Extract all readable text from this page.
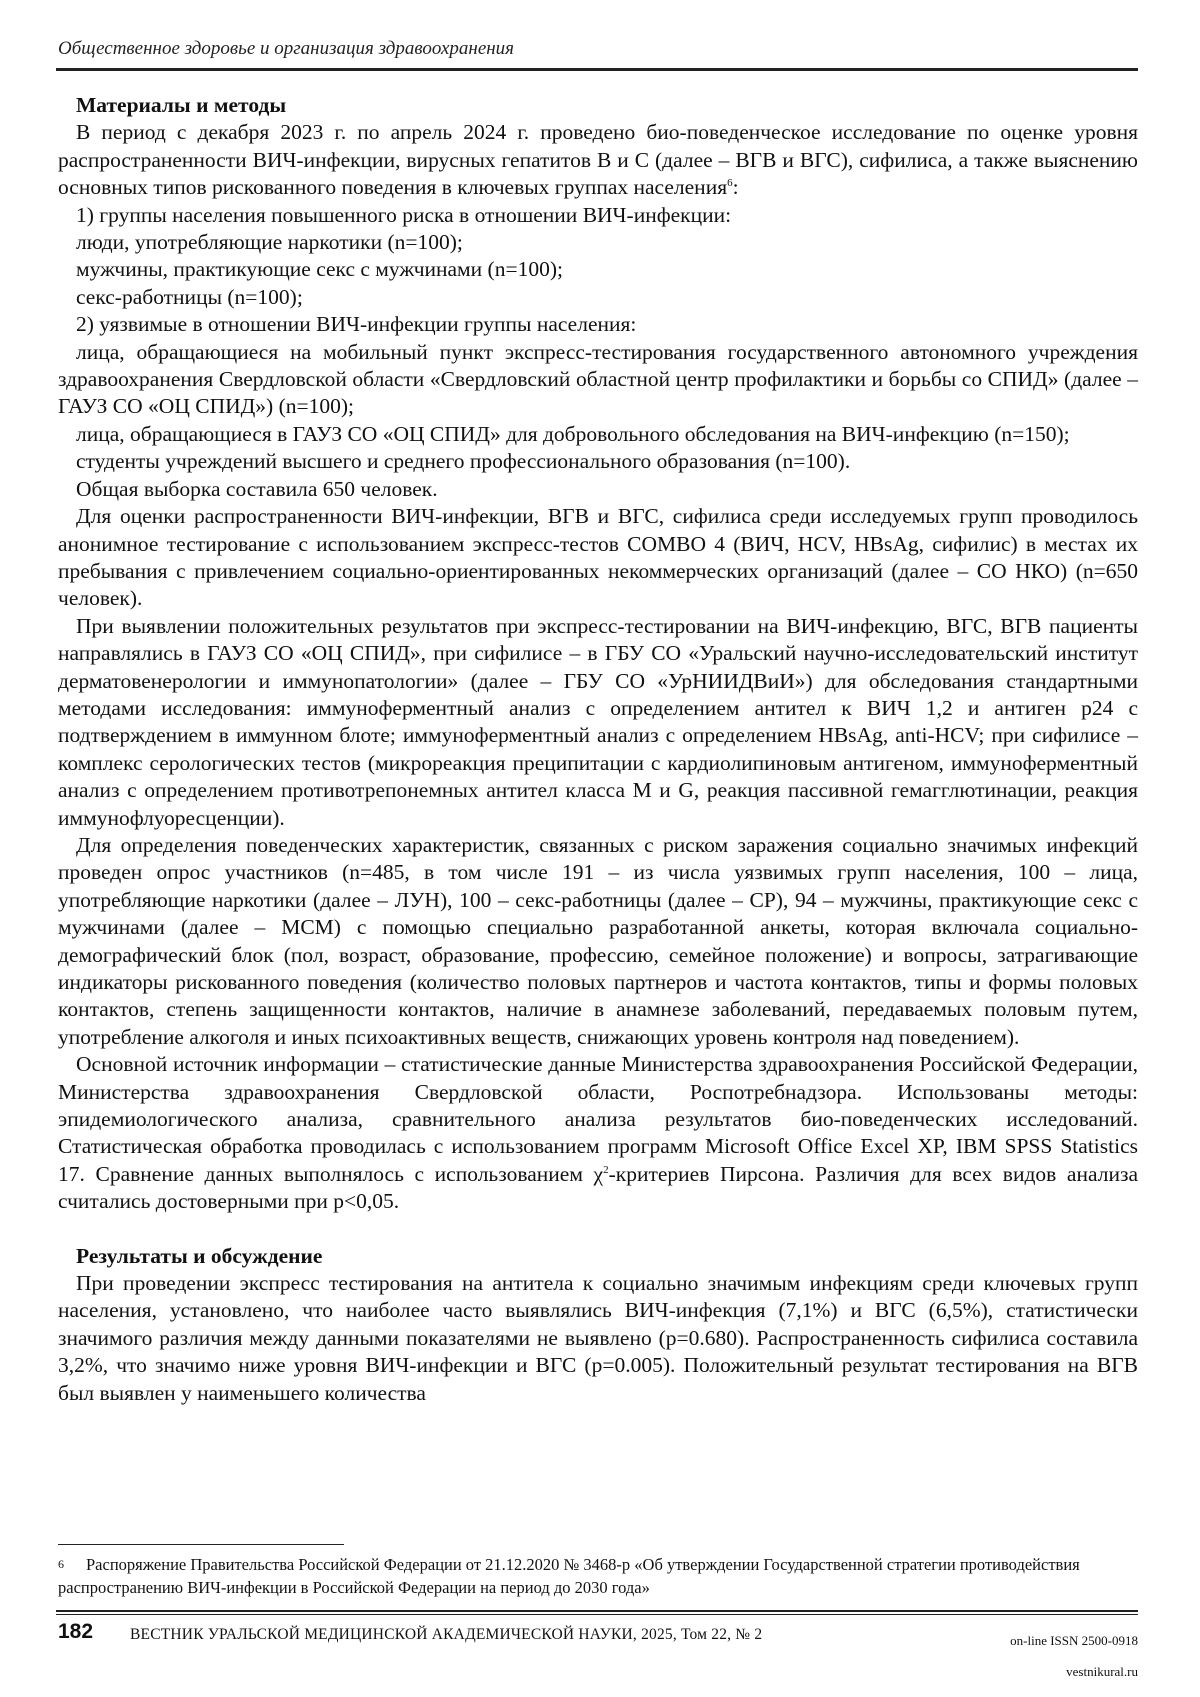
Общественное здоровье и организация здравоохранения
Материалы и методы

В период с декабря 2023 г. по апрель 2024 г. проведено био-поведенческое исследование по оценке уровня распространенности ВИЧ-инфекции, вирусных гепатитов В и С (далее – ВГВ и ВГС), сифилиса, а также выяснению основных типов рискованного поведения в ключевых группах населения$^6$:

1) группы населения повышенного риска в отношении ВИЧ-инфекции:

люди, употребляющие наркотики (n=100);

мужчины, практикующие секс с мужчинами (n=100);

секс-работницы (n=100);

2) уязвимые в отношении ВИЧ-инфекции группы населения:

лица, обращающиеся на мобильный пункт экспресс-тестирования государственного автономного учреждения здравоохранения Свердловской области «Свердловский областной центр профилактики и борьбы со СПИД» (далее – ГАУЗ СО «ОЦ СПИД») (n=100);

лица, обращающиеся в ГАУЗ СО «ОЦ СПИД» для добровольного обследования на ВИЧ-инфекцию (n=150);

студенты учреждений высшего и среднего профессионального образования (n=100).

Общая выборка составила 650 человек.

Для оценки распространенности ВИЧ-инфекции, ВГВ и ВГС, сифилиса среди исследуемых групп проводилось анонимное тестирование с использованием экспресс-тестов COMBO 4 (ВИЧ, HCV, HBsAg, сифилис) в местах их пребывания с привлечением социально-ориентированных некоммерческих организаций (далее – СО НКО) (n=650 человек).

При выявлении положительных результатов при экспресс-тестировании на ВИЧ-инфекцию, ВГС, ВГВ пациенты направлялись в ГАУЗ СО «ОЦ СПИД», при сифилисе – в ГБУ СО «Уральский научно-исследовательский институт дерматовенерологии и иммунопатологии» (далее – ГБУ СО «УрНИИДВиИ») для обследования стандартными методами исследования: иммуноферментный анализ с определением антител к ВИЧ 1,2 и антиген p24 с подтверждением в иммунном блоте; иммуноферментный анализ с определением HBsAg, anti-HCV; при сифилисе – комплекс серологических тестов (микрореакция преципитации с кардиолипиновым антигеном, иммуноферментный анализ с определением противотрепонемных антител класса M и G, реакция пассивной гемагглютинации, реакция иммунофлуоресценции).

Для определения поведенческих характеристик, связанных с риском заражения социально значимых инфекций проведен опрос участников (n=485, в том числе 191 – из числа уязвимых групп населения, 100 – лица, употребляющие наркотики (далее – ЛУН), 100 – секс-работницы (далее – СР), 94 – мужчины, практикующие секс с мужчинами (далее – МСМ) с помощью специально разработанной анкеты, которая включала социально-демографический блок (пол, возраст, образование, профессию, семейное положение) и вопросы, затрагивающие индикаторы рискованного поведения (количество половых партнеров и частота контактов, типы и формы половых контактов, степень защищенности контактов, наличие в анамнезе заболеваний, передаваемых половым путем, употребление алкоголя и иных психоактивных веществ, снижающих уровень контроля над поведением).

Основной источник информации – статистические данные Министерства здравоохранения Российской Федерации, Министерства здравоохранения Свердловской области, Роспотребнадзора. Использованы методы: эпидемиологического анализа, сравнительного анализа результатов био-поведенческих исследований. Статистическая обработка проводилась с использованием программ Microsoft Office Excel XP, IBM SPSS Statistics 17. Сравнение данных выполнялось с использованием $\chi^2$-критериев Пирсона. Различия для всех видов анализа считались достоверными при p<0,05.

Результаты и обсуждение

При проведении экспресс тестирования на антитела к социально значимым инфекциям среди ключевых групп населения, установлено, что наиболее часто выявлялись ВИЧ-инфекция (7,1%) и ВГС (6,5%), статистически значимого различия между данными показателями не выявлено (p=0.680). Распространенность сифилиса составила 3,2%, что значимо ниже уровня ВИЧ-инфекции и ВГС (p=0.005). Положительный результат тестирования на ВГВ был выявлен у наименьшего количества

6 Распоряжение Правительства Российской Федерации от 21.12.2020 № 3468-р «Об утверждении Государственной стратегии противодействия распространению ВИЧ-инфекции в Российской Федерации на период до 2030 года»
182 ВЕСТНИК УРАЛЬСКОЙ МЕДИЦИНСКОЙ АКАДЕМИЧЕСКОЙ НАУКИ, 2025, Том 22, № 2	on-line ISSN 2500-0918
vestnikural.ru
